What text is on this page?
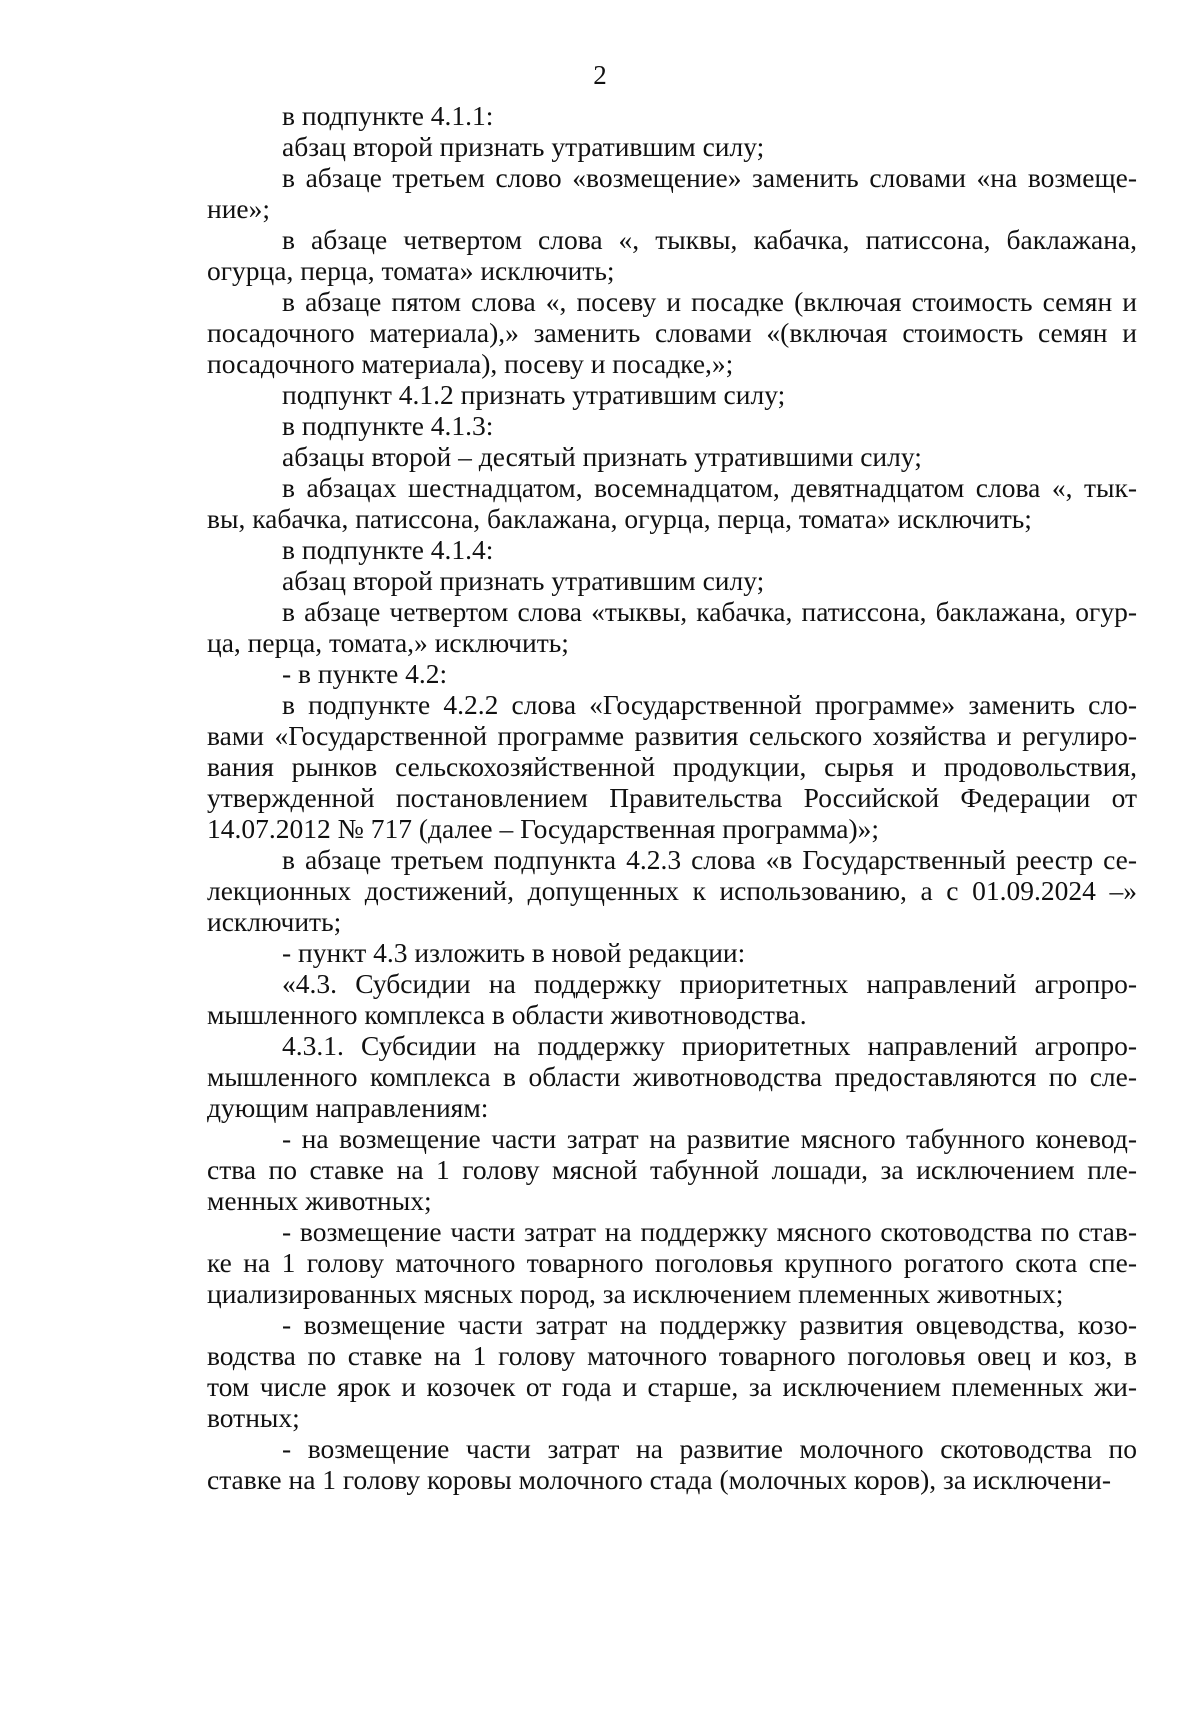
2
в подпункте 4.1.1:
абзац второй признать утратившим силу;
в абзаце третьем слово «возмещение» заменить словами «на возмеще-
ние»;
в абзаце четвертом слова «, тыквы, кабачка, патиссона, баклажана,
огурца, перца, томата» исключить;
в абзаце пятом слова «, посеву и посадке (включая стоимость семян и
посадочного материала),» заменить словами «(включая стоимость семян и
посадочного материала), посеву и посадке,»;
подпункт 4.1.2 признать утратившим силу;
в подпункте 4.1.3:
абзацы второй – десятый признать утратившими силу;
в абзацах шестнадцатом, восемнадцатом, девятнадцатом слова «, тык-
вы, кабачка, патиссона, баклажана, огурца, перца, томата» исключить;
в подпункте 4.1.4:
абзац второй признать утратившим силу;
в абзаце четвертом слова «тыквы, кабачка, патиссона, баклажана, огур-
ца, перца, томата,» исключить;
- в пункте 4.2:
в подпункте 4.2.2 слова «Государственной программе» заменить сло-
вами «Государственной программе развития сельского хозяйства и регулиро-
вания рынков сельскохозяйственной продукции, сырья и продовольствия,
утвержденной постановлением Правительства Российской Федерации от
14.07.2012 № 717 (далее – Государственная программа)»;
в абзаце третьем подпункта 4.2.3 слова «в Государственный реестр се-
лекционных достижений, допущенных к использованию, а с 01.09.2024 –»
исключить;
- пункт 4.3 изложить в новой редакции:
«4.3. Субсидии на поддержку приоритетных направлений агропро-
мышленного комплекса в области животноводства.
4.3.1. Субсидии на поддержку приоритетных направлений агропро-
мышленного комплекса в области животноводства предоставляются по сле-
дующим направлениям:
- на возмещение части затрат на развитие мясного табунного коневод-
ства по ставке на 1 голову мясной табунной лошади, за исключением пле-
менных животных;
- возмещение части затрат на поддержку мясного скотоводства по став-
ке на 1 голову маточного товарного поголовья крупного рогатого скота спе-
циализированных мясных пород, за исключением племенных животных;
- возмещение части затрат на поддержку развития овцеводства, козо-
водства по ставке на 1 голову маточного товарного поголовья овец и коз, в
том числе ярок и козочек от года и старше, за исключением племенных жи-
вотных;
- возмещение части затрат на развитие молочного скотоводства по
ставке на 1 голову коровы молочного стада (молочных коров), за исключени-
